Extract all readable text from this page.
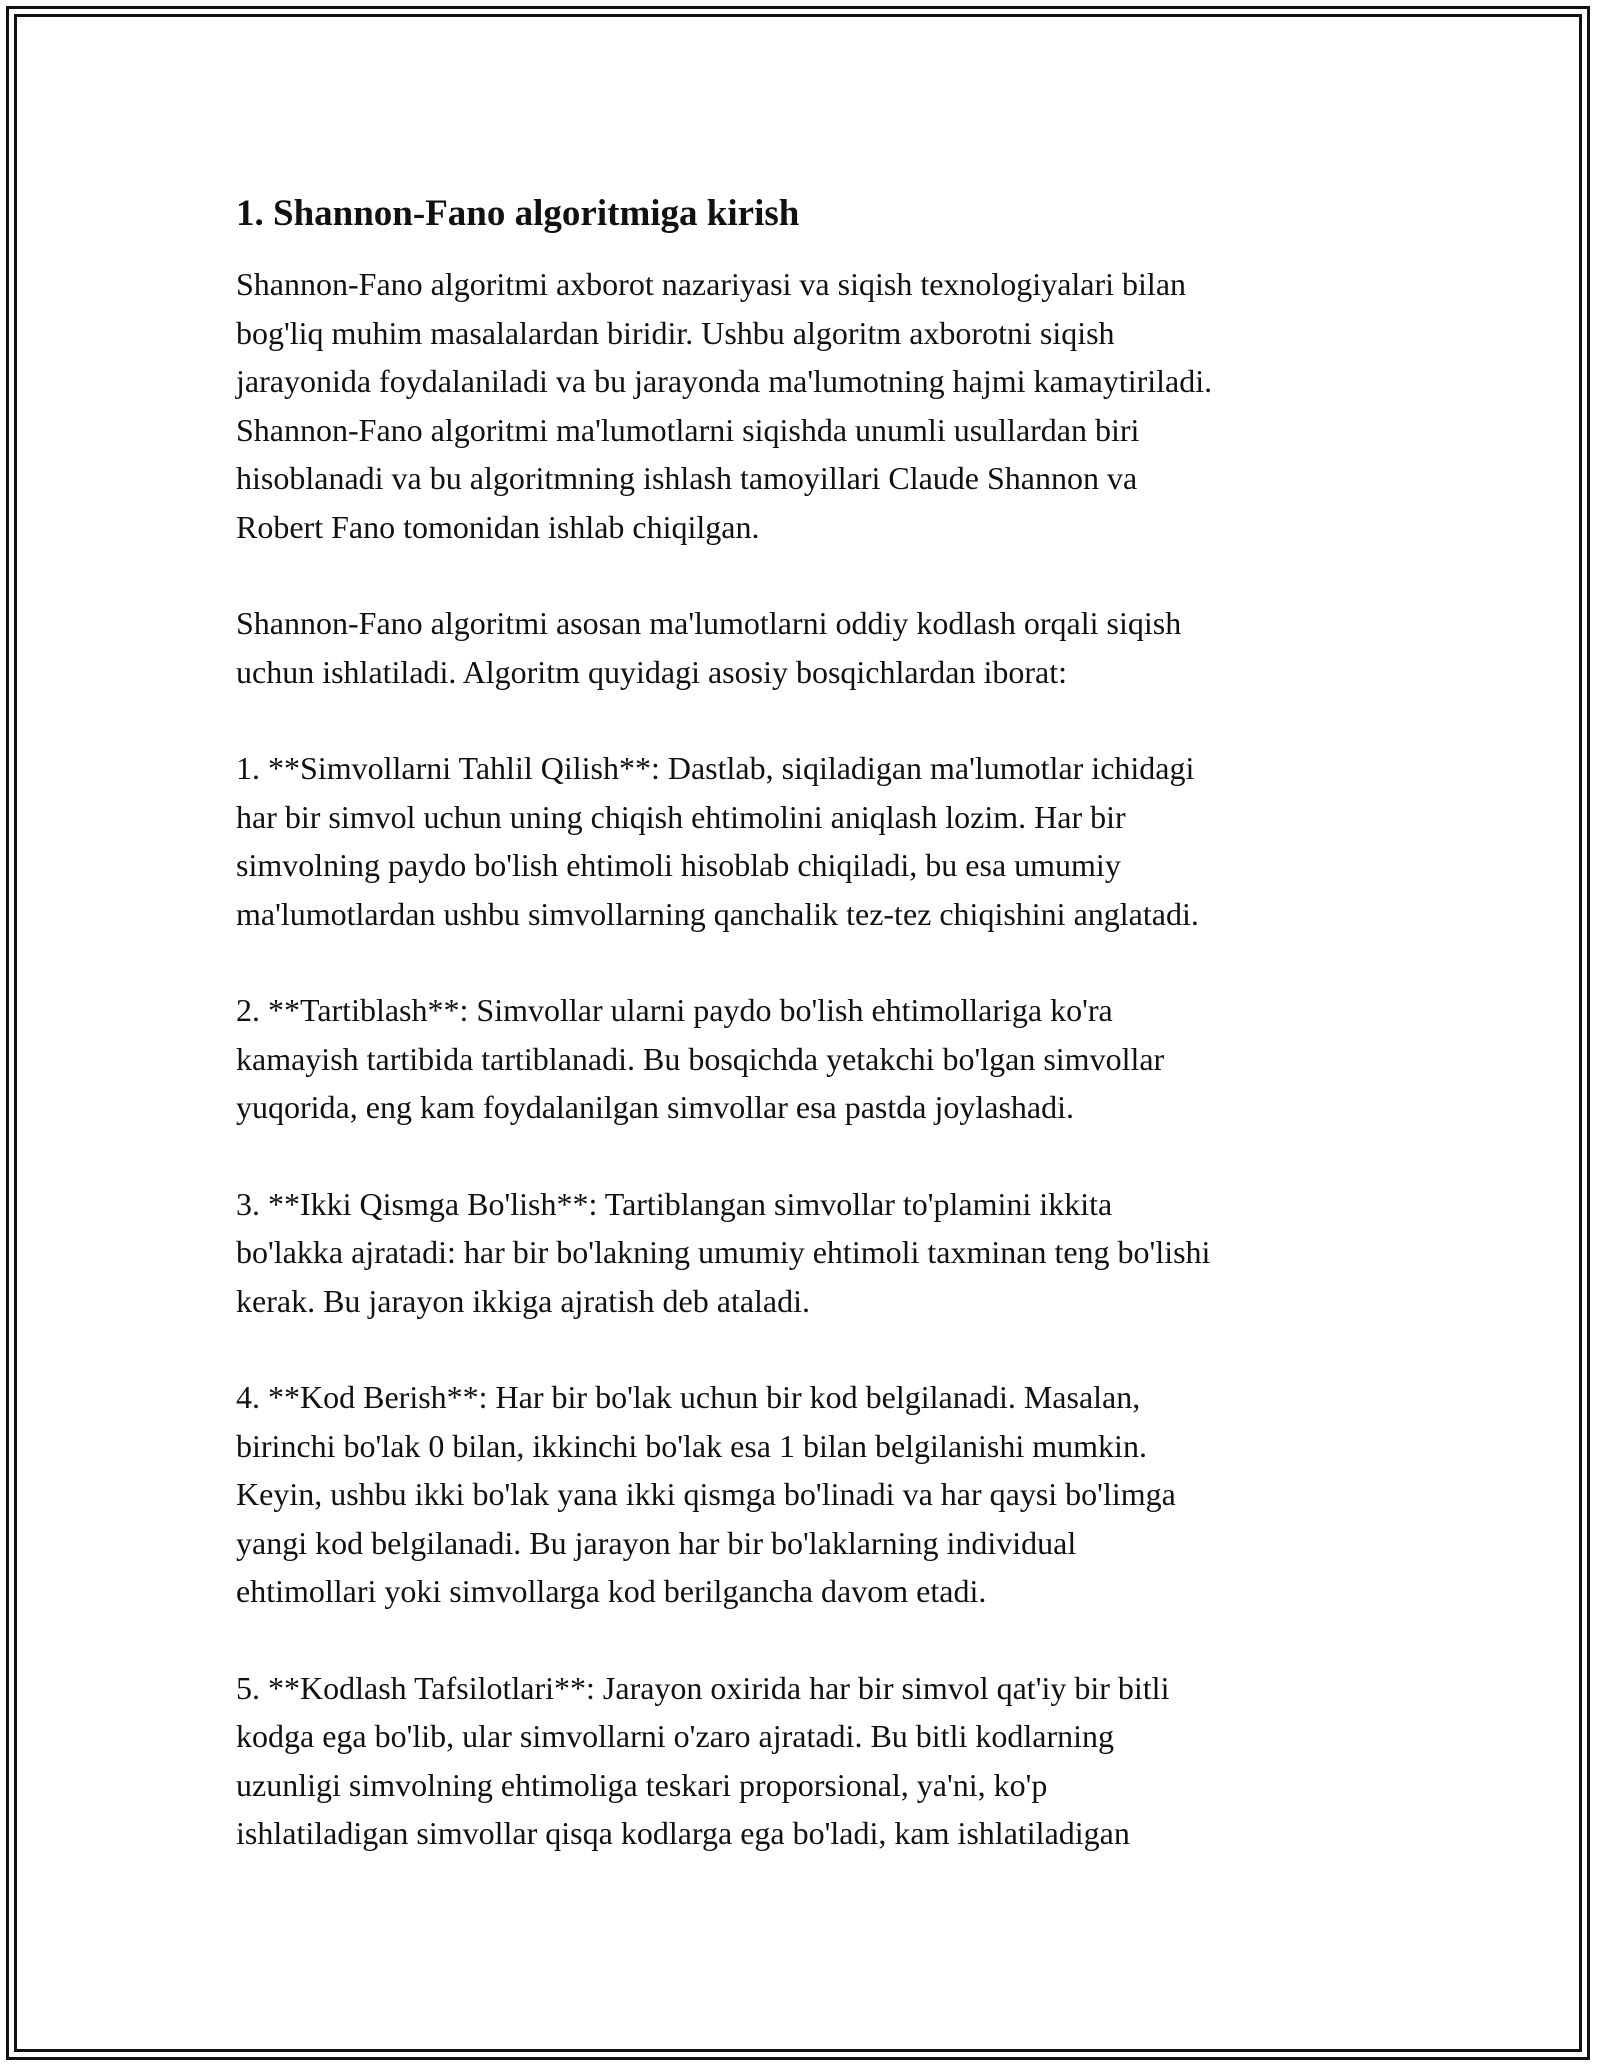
1. Shannon-Fano algoritmiga kirish

Shannon-Fano algoritmi axborot nazariyasi va siqish texnologiyalari bilan
bog'liq muhim masalalardan biridir. Ushbu algoritm axborotni siqish
jarayonida foydalaniladi va bu jarayonda ma'lumotning hajmi kamaytiriladi.
Shannon-Fano algoritmi ma'lumotlarni siqishda unumli usullardan biri
hisoblanadi va bu algoritmning ishlash tamoyillari Claude Shannon va
Robert Fano tomonidan ishlab chiqilgan.

Shannon-Fano algoritmi asosan ma'lumotlarni oddiy kodlash orqali siqish
uchun ishlatiladi. Algoritm quyidagi asosiy bosqichlardan iborat:

1. **Simvollarni Tahlil Qilish**: Dastlab, siqiladigan ma'lumotlar ichidagi
har bir simvol uchun uning chiqish ehtimolini aniqlash lozim. Har bir
simvolning paydo bo'lish ehtimoli hisoblab chiqiladi, bu esa umumiy
ma'lumotlardan ushbu simvollarning qanchalik tez-tez chiqishini anglatadi.

2. **Tartiblash**: Simvollar ularni paydo bo'lish ehtimollariga ko'ra
kamayish tartibida tartiblanadi. Bu bosqichda yetakchi bo'lgan simvollar
yuqorida, eng kam foydalanilgan simvollar esa pastda joylashadi.

3. **Ikki Qismga Bo'lish**: Tartiblangan simvollar to'plamini ikkita
bo'lakka ajratadi: har bir bo'lakning umumiy ehtimoli taxminan teng bo'lishi
kerak. Bu jarayon ikkiga ajratish deb ataladi.

4. **Kod Berish**: Har bir bo'lak uchun bir kod belgilanadi. Masalan,
birinchi bo'lak 0 bilan, ikkinchi bo'lak esa 1 bilan belgilanishi mumkin.
Keyin, ushbu ikki bo'lak yana ikki qismga bo'linadi va har qaysi bo'limga
yangi kod belgilanadi. Bu jarayon har bir bo'laklarning individual
ehtimollari yoki simvollarga kod berilgancha davom etadi.

5. **Kodlash Tafsilotlari**: Jarayon oxirida har bir simvol qat'iy bir bitli
kodga ega bo'lib, ular simvollarni o'zaro ajratadi. Bu bitli kodlarning
uzunligi simvolning ehtimoliga teskari proporsional, ya'ni, ko'p
ishlatiladigan simvollar qisqa kodlarga ega bo'ladi, kam ishlatiladigan
